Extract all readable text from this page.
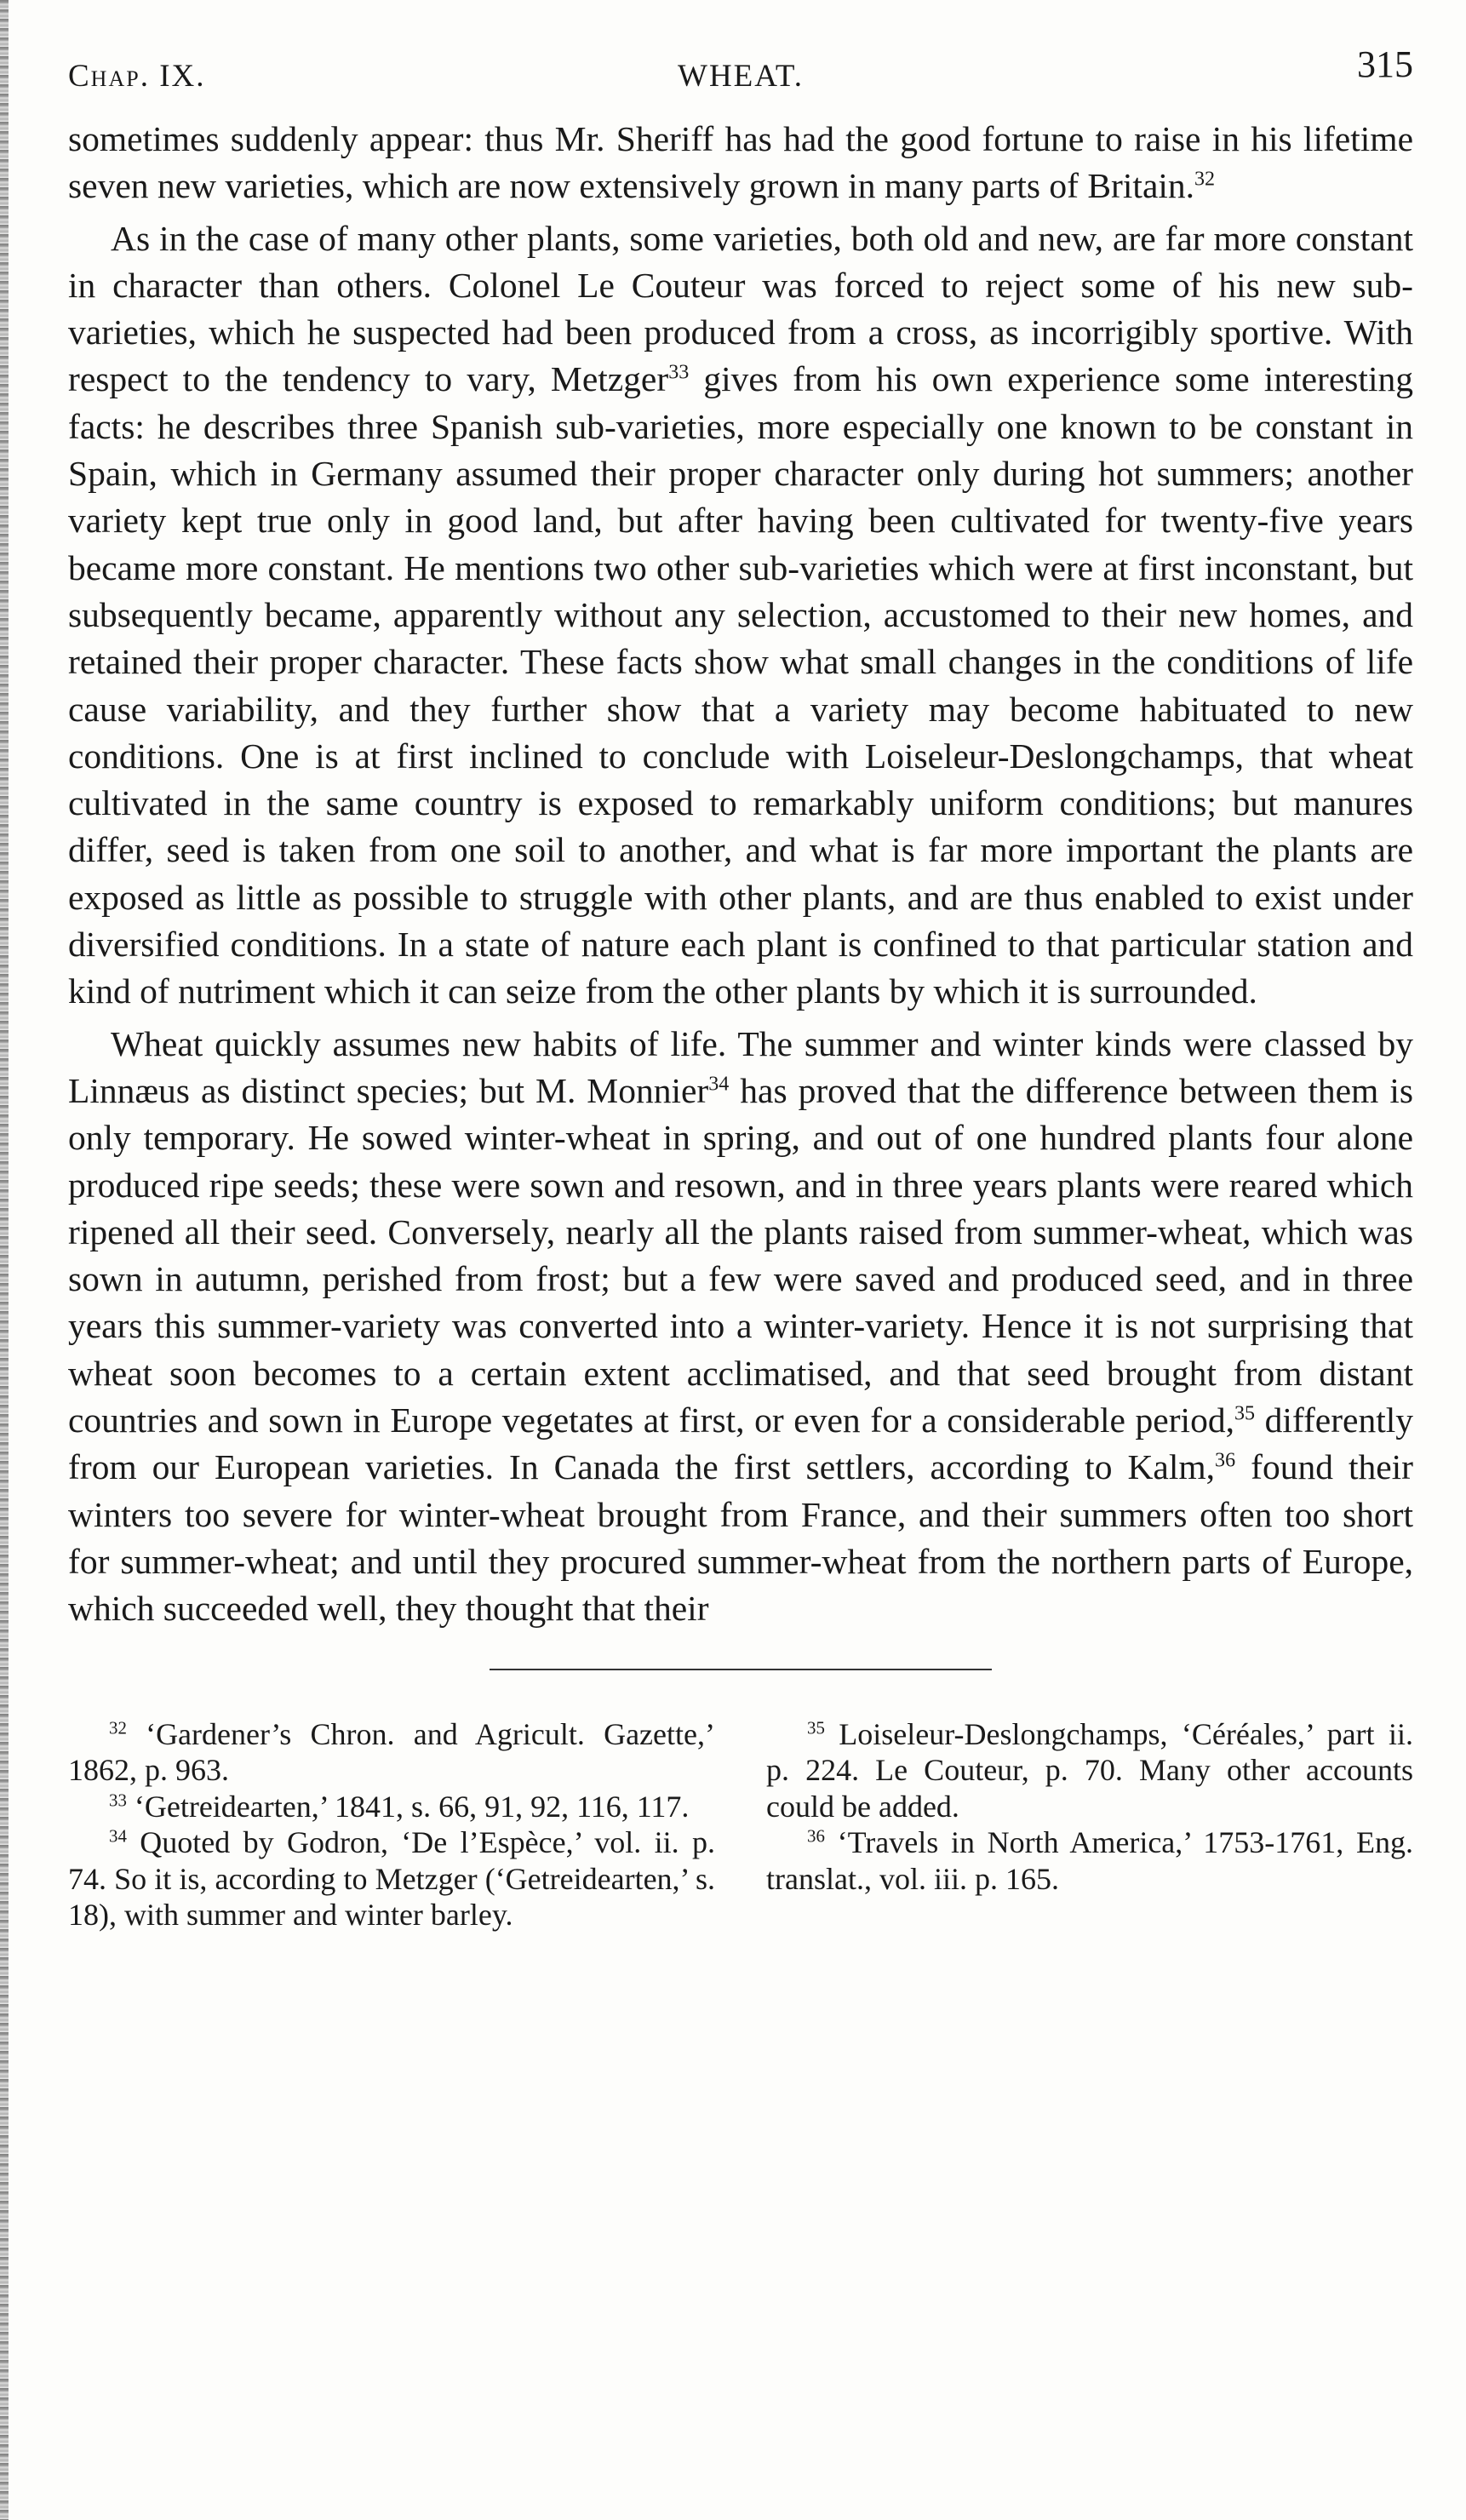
Chap. IX.	WHEAT.	315

sometimes suddenly appear: thus Mr. Sheriff has had the good fortune to raise in his lifetime seven new varieties, which are now extensively grown in many parts of Britain.$^{32}$

As in the case of many other plants, some varieties, both old and new, are far more constant in character than others. Colonel Le Couteur was forced to reject some of his new sub-varieties, which he suspected had been produced from a cross, as incorrigibly sportive. With respect to the tendency to vary, Metzger$^{33}$ gives from his own experience some interesting facts: he describes three Spanish sub-varieties, more especially one known to be constant in Spain, which in Germany assumed their proper character only during hot summers; another variety kept true only in good land, but after having been cultivated for twenty-five years became more constant. He mentions two other sub-varieties which were at first inconstant, but subsequently became, apparently without any selection, accustomed to their new homes, and retained their proper character. These facts show what small changes in the conditions of life cause variability, and they further show that a variety may become habituated to new conditions. One is at first inclined to conclude with Loiseleur-Deslongchamps, that wheat cultivated in the same country is exposed to remarkably uniform conditions; but manures differ, seed is taken from one soil to another, and what is far more important the plants are exposed as little as possible to struggle with other plants, and are thus enabled to exist under diversified conditions. In a state of nature each plant is confined to that particular station and kind of nutriment which it can seize from the other plants by which it is surrounded.

Wheat quickly assumes new habits of life. The summer and winter kinds were classed by Linnæus as distinct species; but M. Monnier$^{34}$ has proved that the difference between them is only temporary. He sowed winter-wheat in spring, and out of one hundred plants four alone produced ripe seeds; these were sown and resown, and in three years plants were reared which ripened all their seed. Conversely, nearly all the plants raised from summer-wheat, which was sown in autumn, perished from frost; but a few were saved and produced seed, and in three years this summer-variety was converted into a winter-variety. Hence it is not surprising that wheat soon becomes to a certain extent acclimatised, and that seed brought from distant countries and sown in Europe vegetates at first, or even for a considerable period,$^{35}$ differently from our European varieties. In Canada the first settlers, according to Kalm,$^{36}$ found their winters too severe for winter-wheat brought from France, and their summers often too short for summer-wheat; and until they procured summer-wheat from the northern parts of Europe, which succeeded well, they thought that their

$^{32}$ ‘Gardener’s Chron. and Agricult. Gazette,’ 1862, p. 963.

$^{33}$ ‘Getreidearten,’ 1841, s. 66, 91, 92, 116, 117.

$^{34}$ Quoted by Godron, ‘De l’Espèce,’ vol. ii. p. 74. So it is, according to Metzger (‘Getreidearten,’ s. 18), with summer and winter barley.

$^{35}$ Loiseleur-Deslongchamps, ‘Céréales,’ part ii. p. 224. Le Couteur, p. 70. Many other accounts could be added.

$^{36}$ ‘Travels in North America,’ 1753-1761, Eng. translat., vol. iii. p. 165.
